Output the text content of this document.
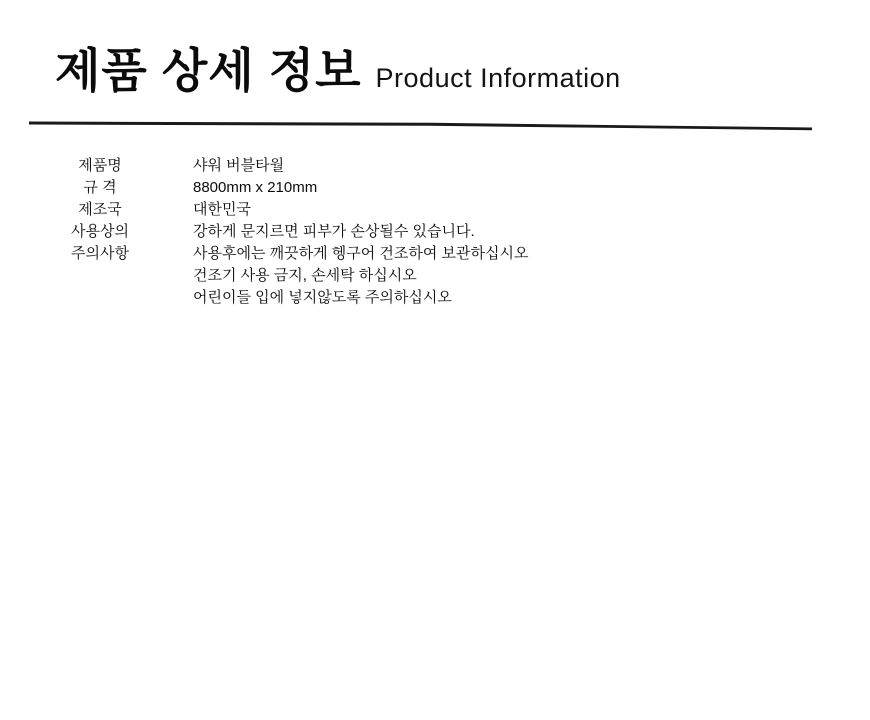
제품 상세 정보 Product Information
제품명	샤워 버블타월
규 격	8800mm x 210mm
제조국	대한민국
사용상의	강하게 문지르면 피부가 손상될수 있습니다.
주의사항	사용후에는 깨끗하게 헹구어 건조하여 보관하십시오
건조기 사용 금지, 손세탁 하십시오
어린이들 입에 넣지않도록 주의하십시오
